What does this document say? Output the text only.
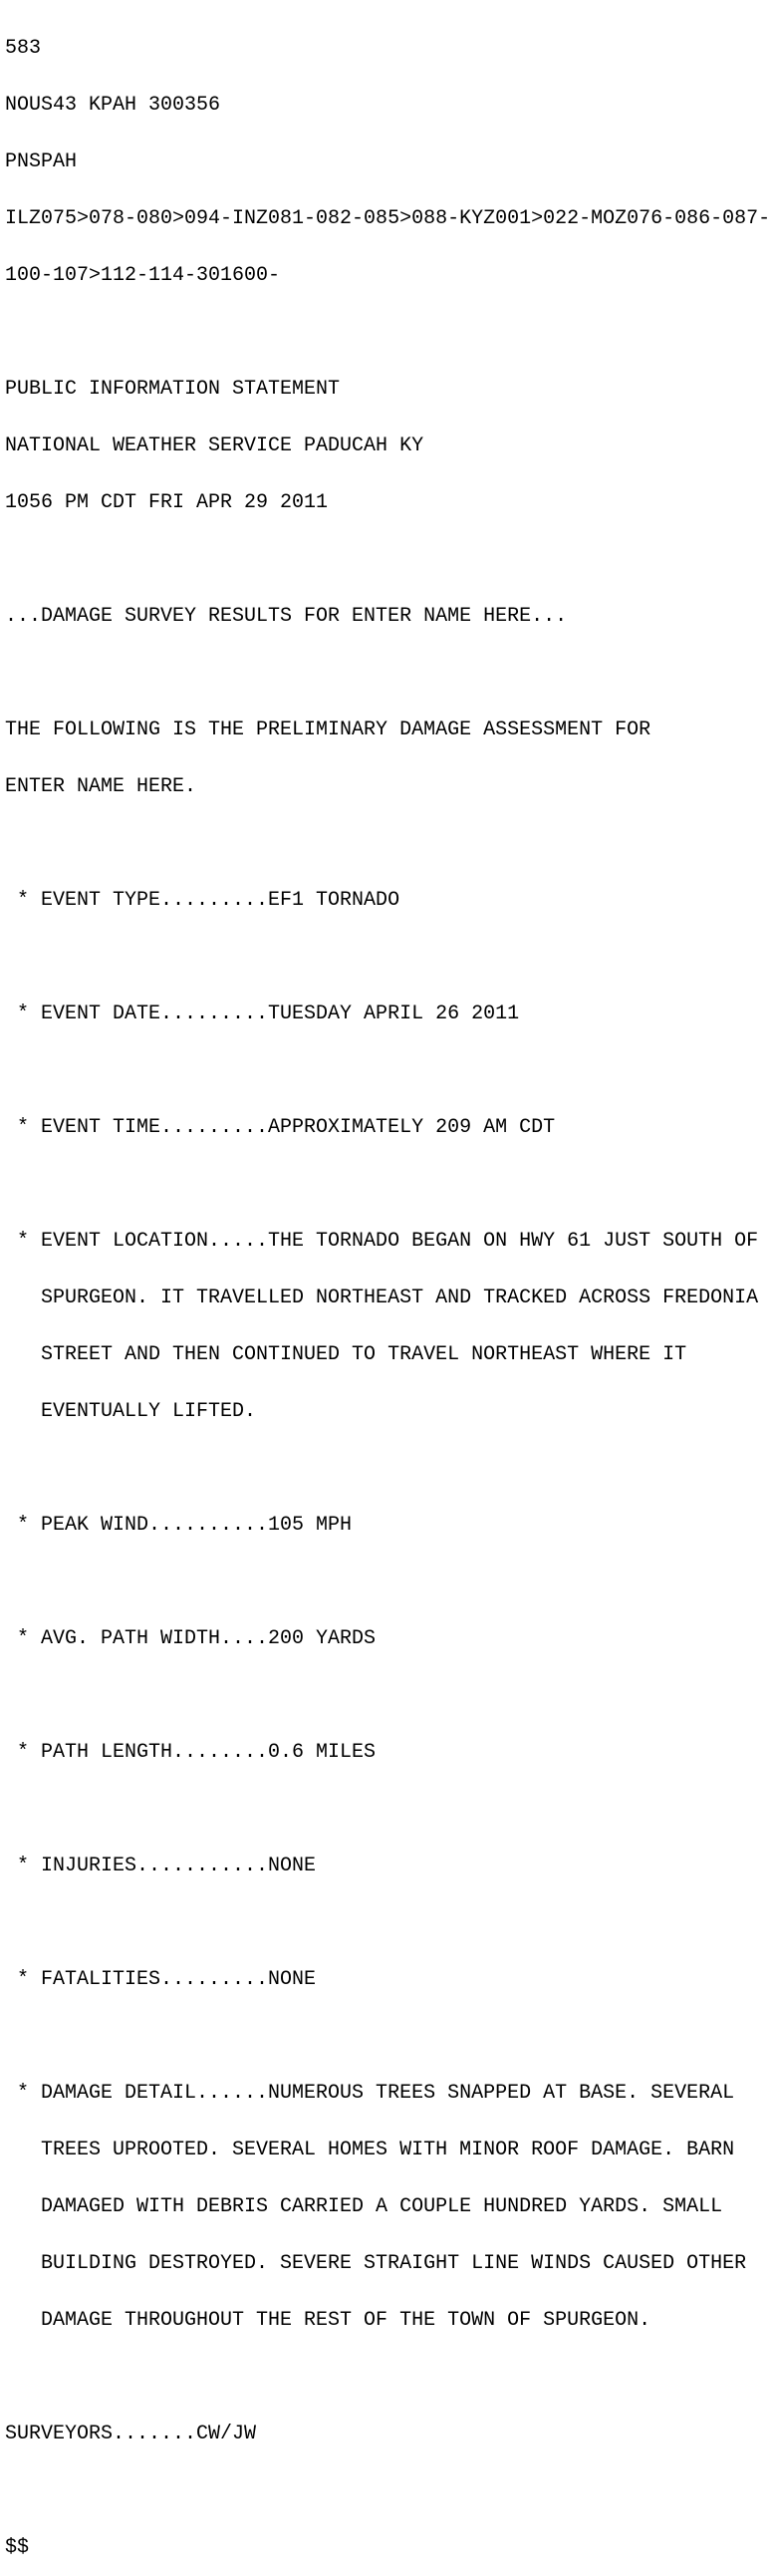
583

NOUS43 KPAH 300356

PNSPAH

ILZ075>078-080>094-INZ081-082-085>088-KYZ001>022-MOZ076-086-087-

100-107>112-114-301600-

PUBLIC INFORMATION STATEMENT

NATIONAL WEATHER SERVICE PADUCAH KY

1056 PM CDT FRI APR 29 2011

...DAMAGE SURVEY RESULTS FOR ENTER NAME HERE...

THE FOLLOWING IS THE PRELIMINARY DAMAGE ASSESSMENT FOR

ENTER NAME HERE.

* EVENT TYPE.........EF1 TORNADO

* EVENT DATE.........TUESDAY APRIL 26 2011

* EVENT TIME.........APPROXIMATELY 209 AM CDT

* EVENT LOCATION.....THE TORNADO BEGAN ON HWY 61 JUST SOUTH OF

SPURGEON. IT TRAVELLED NORTHEAST AND TRACKED ACROSS FREDONIA

STREET AND THEN CONTINUED TO TRAVEL NORTHEAST WHERE IT

EVENTUALLY LIFTED.

* PEAK WIND..........105 MPH

* AVG. PATH WIDTH....200 YARDS

* PATH LENGTH........0.6 MILES

* INJURIES...........NONE

* FATALITIES.........NONE

* DAMAGE DETAIL......NUMEROUS TREES SNAPPED AT BASE. SEVERAL

TREES UPROOTED. SEVERAL HOMES WITH MINOR ROOF DAMAGE. BARN

DAMAGED WITH DEBRIS CARRIED A COUPLE HUNDRED YARDS. SMALL

BUILDING DESTROYED. SEVERE STRAIGHT LINE WINDS CAUSED OTHER

DAMAGE THROUGHOUT THE REST OF THE TOWN OF SPURGEON.

SURVEYORS.......CW/JW

$$
